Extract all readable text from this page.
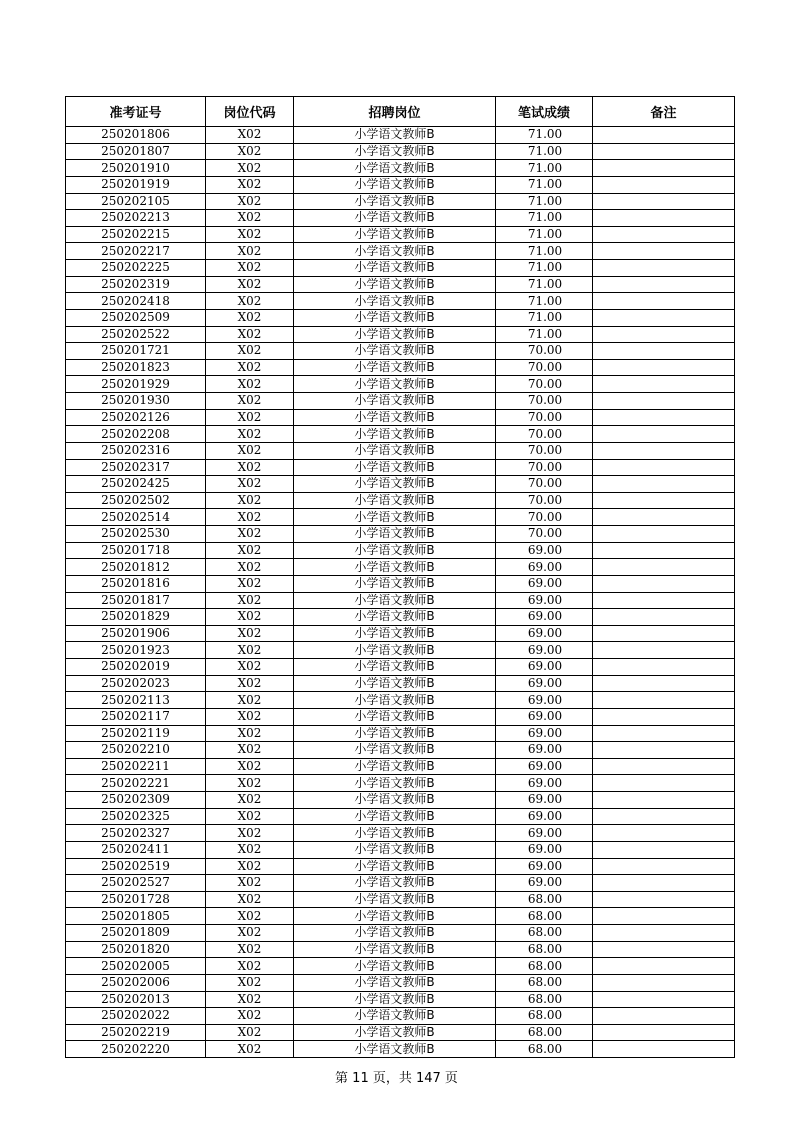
准考证号	岗位代码	招聘岗位	笔试成绩	备注
250201806	X02	小学语文教师B	71.00	
250201807	X02	小学语文教师B	71.00	
250201910	X02	小学语文教师B	71.00	
250201919	X02	小学语文教师B	71.00	
250202105	X02	小学语文教师B	71.00	
250202213	X02	小学语文教师B	71.00	
250202215	X02	小学语文教师B	71.00	
250202217	X02	小学语文教师B	71.00	
250202225	X02	小学语文教师B	71.00	
250202319	X02	小学语文教师B	71.00	
250202418	X02	小学语文教师B	71.00	
250202509	X02	小学语文教师B	71.00	
250202522	X02	小学语文教师B	71.00	
250201721	X02	小学语文教师B	70.00	
250201823	X02	小学语文教师B	70.00	
250201929	X02	小学语文教师B	70.00	
250201930	X02	小学语文教师B	70.00	
250202126	X02	小学语文教师B	70.00	
250202208	X02	小学语文教师B	70.00	
250202316	X02	小学语文教师B	70.00	
250202317	X02	小学语文教师B	70.00	
250202425	X02	小学语文教师B	70.00	
250202502	X02	小学语文教师B	70.00	
250202514	X02	小学语文教师B	70.00	
250202530	X02	小学语文教师B	70.00	
250201718	X02	小学语文教师B	69.00	
250201812	X02	小学语文教师B	69.00	
250201816	X02	小学语文教师B	69.00	
250201817	X02	小学语文教师B	69.00	
250201829	X02	小学语文教师B	69.00	
250201906	X02	小学语文教师B	69.00	
250201923	X02	小学语文教师B	69.00	
250202019	X02	小学语文教师B	69.00	
250202023	X02	小学语文教师B	69.00	
250202113	X02	小学语文教师B	69.00	
250202117	X02	小学语文教师B	69.00	
250202119	X02	小学语文教师B	69.00	
250202210	X02	小学语文教师B	69.00	
250202211	X02	小学语文教师B	69.00	
250202221	X02	小学语文教师B	69.00	
250202309	X02	小学语文教师B	69.00	
250202325	X02	小学语文教师B	69.00	
250202327	X02	小学语文教师B	69.00	
250202411	X02	小学语文教师B	69.00	
250202519	X02	小学语文教师B	69.00	
250202527	X02	小学语文教师B	69.00	
250201728	X02	小学语文教师B	68.00	
250201805	X02	小学语文教师B	68.00	
250201809	X02	小学语文教师B	68.00	
250201820	X02	小学语文教师B	68.00	
250202005	X02	小学语文教师B	68.00	
250202006	X02	小学语文教师B	68.00	
250202013	X02	小学语文教师B	68.00	
250202022	X02	小学语文教师B	68.00	
250202219	X02	小学语文教师B	68.00	
250202220	X02	小学语文教师B	68.00	
第 11 页，共 147 页
